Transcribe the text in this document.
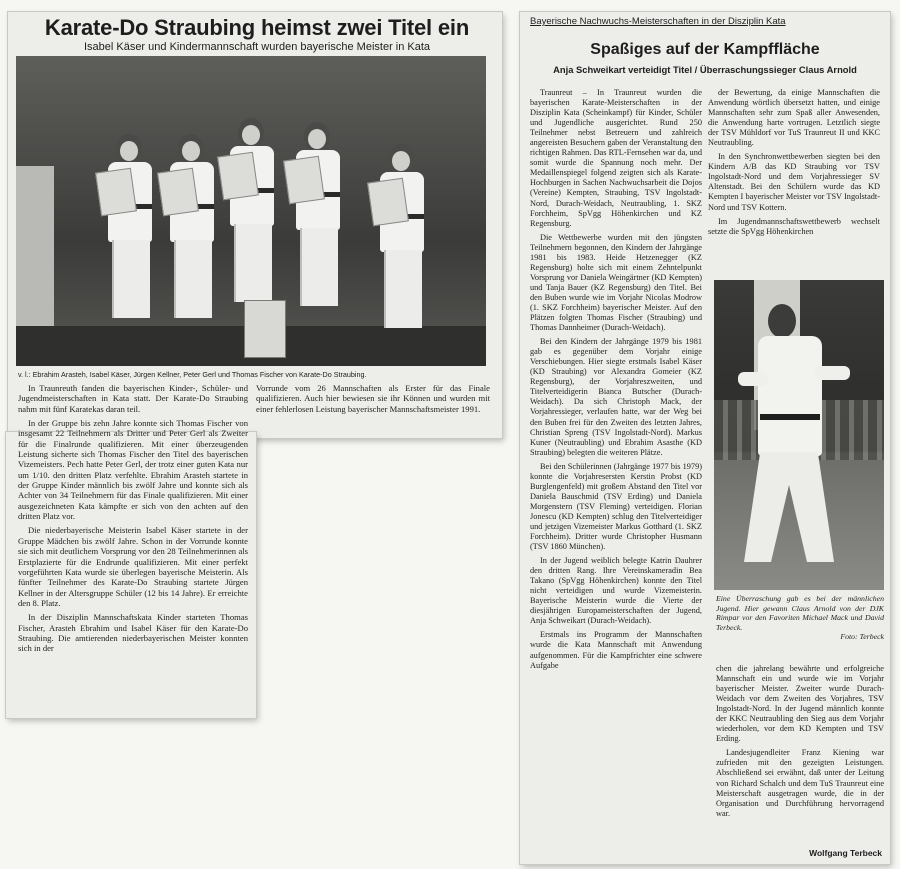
Karate-Do Straubing heimst zwei Titel ein
Isabel Käser und Kindermannschaft wurden bayerische Meister in Kata
v. l.: Ebrahim Arasteh, Isabel Käser, Jürgen Kellner, Peter Gerl und Thomas Fischer von Karate-Do Straubing.

In Traunreuth fanden die bayerischen Kinder-, Schüler- und Jugendmeisterschaften in Kata statt. Der Karate-Do Straubing nahm mit fünf Karatekas daran teil.

In der Gruppe bis zehn Jahre konnte sich Thomas Fischer von insgesamt 22 Teilnehmern als Dritter und Peter Gerl als Zweiter für die Finalrunde qualifizieren. Mit einer überzeugenden Leistung sicherte sich Thomas Fischer den Titel des bayerischen Vizemeisters. Pech hatte Peter Gerl, der trotz einer guten Kata nur um 1/10. den dritten Platz verfehlte. Ebrahim Arasteh startete in der Gruppe Kinder männlich bis zwölf Jahre und konnte sich als Achter von 34 Teilnehmern für das Finale qualifizieren. Mit einer ausgezeichneten Kata kämpfte er sich von den achten auf den dritten Platz vor.

Die niederbayerische Meisterin Isabel Käser startete in der Gruppe Mädchen bis zwölf Jahre. Schon in der Vorrunde konnte sie sich mit deutlichem Vorsprung vor den 28 Teilnehmerinnen als Erstplazierte für die Endrunde qualifizieren. Mit einer perfekt vorgeführten Kata wurde sie überlegen bayerische Meisterin. Als fünfter Teilnehmer des Karate-Do Straubing startete Jürgen Kellner in der Altersgruppe Schüler (12 bis 14 Jahre). Er erreichte den 8. Platz.

In der Disziplin Mannschaftskata Kinder starteten Thomas Fischer, Arasteh Ebrahim und Isabel Käser für den Karate-Do Straubing. Die amtierenden niederbayerischen Meister konnten sich in der

Vorrunde vom 26 Mannschaften als Erster für das Finale qualifizieren. Auch hier bewiesen sie ihr Können und wurden mit einer fehlerlosen Leistung bayerischer Mannschaftsmeister 1991.

Bayerische Nachwuchs-Meisterschaften in der Disziplin Kata
Spaßiges auf der Kampffläche
Anja Schweikart verteidigt Titel / Überraschungssieger Claus Arnold

Traunreut – In Traunreut wurden die bayerischen Karate-Meisterschaften in der Disziplin Kata (Scheinkampf) für Kinder, Schüler und Jugendliche ausgerichtet. Rund 250 Teilnehmer nebst Betreuern und zahlreich angereisten Besuchern gaben der Veranstaltung den richtigen Rahmen. Das RTL-Fernsehen war da, und somit wurde die Spannung noch mehr. Der Medaillenspiegel folgend zeigten sich als Karate-Hochburgen in Sachen Nachwuchsarbeit die Dojos (Vereine) Kempten, Straubing, TSV Ingolstadt-Nord, Durach-Weidach, Neutraubling, 1. SKZ Forchheim, SpVgg Höhenkirchen und KZ Regensburg.

Die Wettbewerbe wurden mit den jüngsten Teilnehmern begonnen, den Kindern der Jahrgänge 1981 bis 1983. Heide Hetzenegger (KZ Regensburg) holte sich mit einem Zehntelpunkt Vorsprung vor Daniela Weingärtner (KD Kempten) und Tanja Bauer (KZ Regensburg) den Titel. Bei den Buben wurde wie im Vorjahr Nicolas Modrow (1. SKZ Forchheim) bayerischer Meister. Auf den Plätzen folgten Thomas Fischer (Straubing) und Thomas Dannheimer (Durach-Weidach).

Bei den Kindern der Jahrgänge 1979 bis 1981 gab es gegenüber dem Vorjahr einige Verschiebungen. Hier siegte erstmals Isabel Käser (KD Straubing) vor Alexandra Gomeier (KZ Regensburg), der Vorjahreszweiten, und Titelverteidigerin Bianca Butscher (Durach-Weidach). Da sich Christoph Mack, der Vorjahressieger, verlaufen hatte, war der Weg bei den Buben frei für den Zweiten des letzten Jahres, Christian Spreng (TSV Ingolstadt-Nord). Markus Kuner (Neutraubling) und Ebrahim Asasthe (KD Straubing) belegten die weiteren Plätze.

Bei den Schülerinnen (Jahrgänge 1977 bis 1979) konnte die Vorjahresersten Kerstin Probst (KD Burglengenfeld) mit großem Abstand den Titel vor Daniela Bauschmid (TSV Erding) und Daniela Morgenstern (TSV Fleming) verteidigen. Florian Jonescu (KD Kempten) schlug den Titelverteidiger und jetzigen Vizemeister Markus Gotthard (1. SKZ Forchheim). Dritter wurde Christopher Husmann (TSV 1860 München).

In der Jugend weiblich belegte Katrin Dauhrer den dritten Rang. Ihre Vereinskameradin Bea Takano (SpVgg Höhenkirchen) konnte den Titel nicht verteidigen und wurde Vizemeisterin. Bayerische Meisterin wurde die Vierte der diesjährigen Europameisterschaften der Jugend, Anja Schweikart (Durach-Weidach).

Erstmals ins Programm der Mannschaften wurde die Kata Mannschaft mit Anwendung aufgenommen. Für die Kampfrichter eine schwere Aufgabe

der Bewertung, da einige Mannschaften die Anwendung wörtlich übersetzt hatten, und einige Mannschaften sehr zum Spaß aller Anwesenden, die Anwendung harte vortrugen. Letztlich siegte der TSV Mühldorf vor TuS Traunreut II und KKC Neutraubling.

In den Synchronwettbewerben siegten bei den Kindern A/B das KD Straubing vor TSV Ingolstadt-Nord und dem Vorjahressieger SV Altenstadt. Bei den Schülern wurde das KD Kempten I bayerischer Meister vor TSV Ingolstadt-Nord und TSV Kottern.

Im Jugendmannschaftswettbewerb wechselt setzte die SpVgg Höhenkirchen

Eine Überraschung gab es bei der männlichen Jugend. Hier gewann Claus Arnold von der DJK Rimpar vor den Favoriten Michael Mack und David Terbeck.
Foto: Terbeck

chen die jahrelang bewährte und erfolgreiche Mannschaft ein und wurde wie im Vorjahr bayerischer Meister. Zweiter wurde Durach-Weidach vor dem Zweiten des Vorjahres, TSV Ingolstadt-Nord. In der Jugend männlich konnte der KKC Neutraubling den Sieg aus dem Vorjahr wiederholen, vor dem KD Kempten und TSV Erding.

Landesjugendleiter Franz Kiening war zufrieden mit den gezeigten Leistungen. Abschließend sei erwähnt, daß unter der Leitung von Richard Schalch und dem TuS Traunreut eine Meisterschaft ausgetragen wurde, die in der Organisation und Durchführung hervorragend war.

Wolfgang Terbeck
